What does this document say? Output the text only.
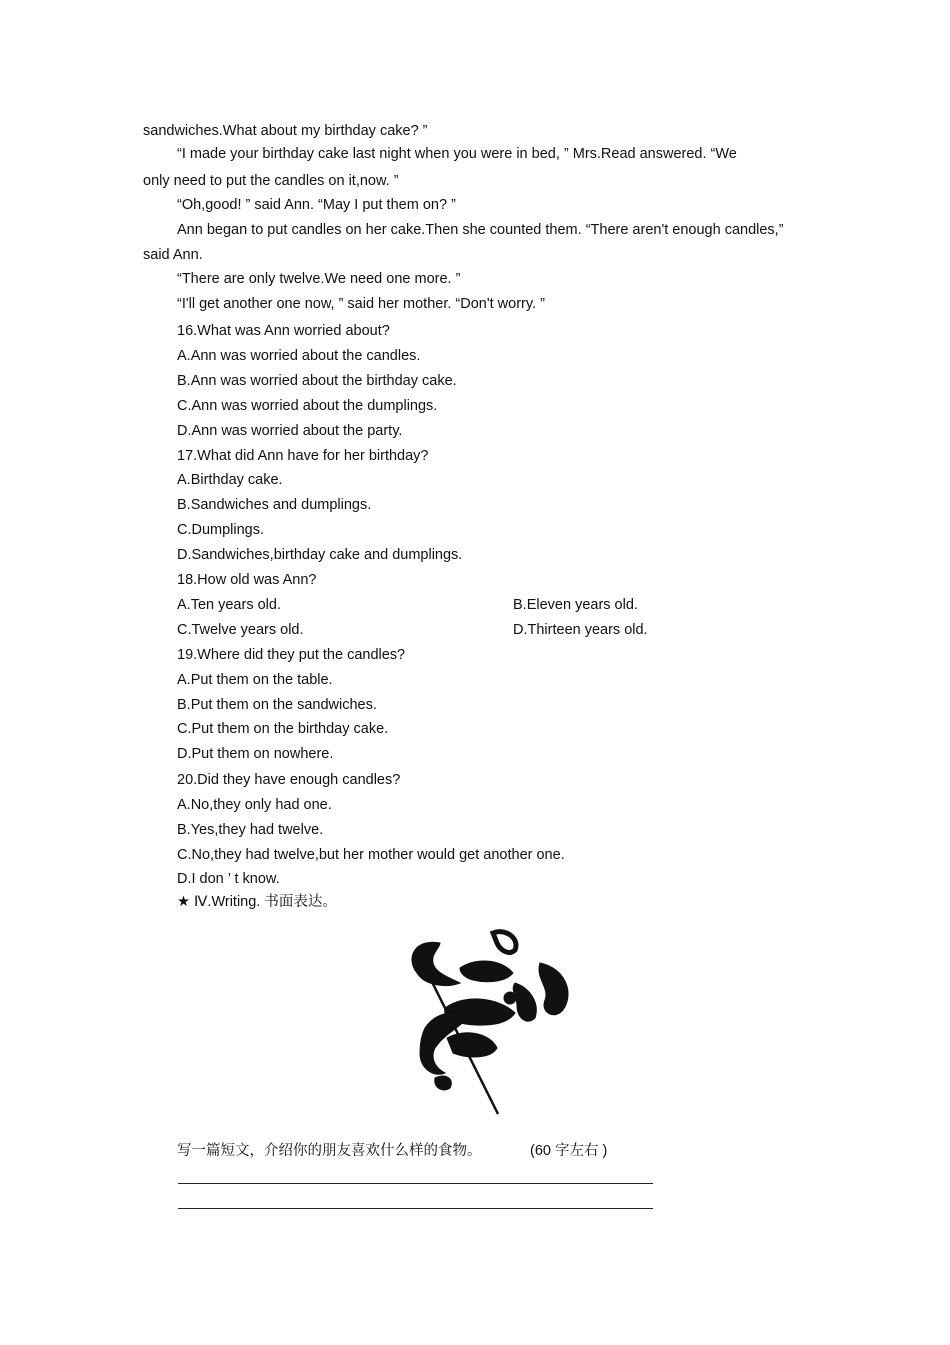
sandwiches.What about my birthday cake? ”
“I made your birthday cake last night when you were in bed, ” Mrs.Read answered. “We
only need to put the candles on it,now. ”
“Oh,good! ” said Ann. “May I put them on? ”
Ann began to put candles on her cake.Then she counted them. “There aren't enough candles,”
said Ann.
“There are only twelve.We need one more. ”
“I'll get another one now, ” said her mother. “Don't worry. ”
16.What was Ann worried about?
A.Ann was worried about the candles.
B.Ann was worried about the birthday cake.
C.Ann was worried about the dumplings.
D.Ann was worried about the party.
17.What did Ann have for her birthday?
A.Birthday cake.
B.Sandwiches and dumplings.
C.Dumplings.
D.Sandwiches,birthday cake and dumplings.
18.How old was Ann?
A.Ten years old.	B.Eleven years old.
C.Twelve years old.	D.Thirteen years old.
19.Where did they put the candles?
A.Put them on the table.
B.Put them on the sandwiches.
C.Put them on the birthday cake.
D.Put them on nowhere.
20.Did they have enough candles?
A.No,they only had one.
B.Yes,they had twelve.
C.No,they had twelve,but her mother would get another one.
D.I don ’ t know.
★ Ⅳ.Writing. 书面表达。
写一篇短文，介绍你的朋友喜欢什么样的食物。	(60 字左右 )
